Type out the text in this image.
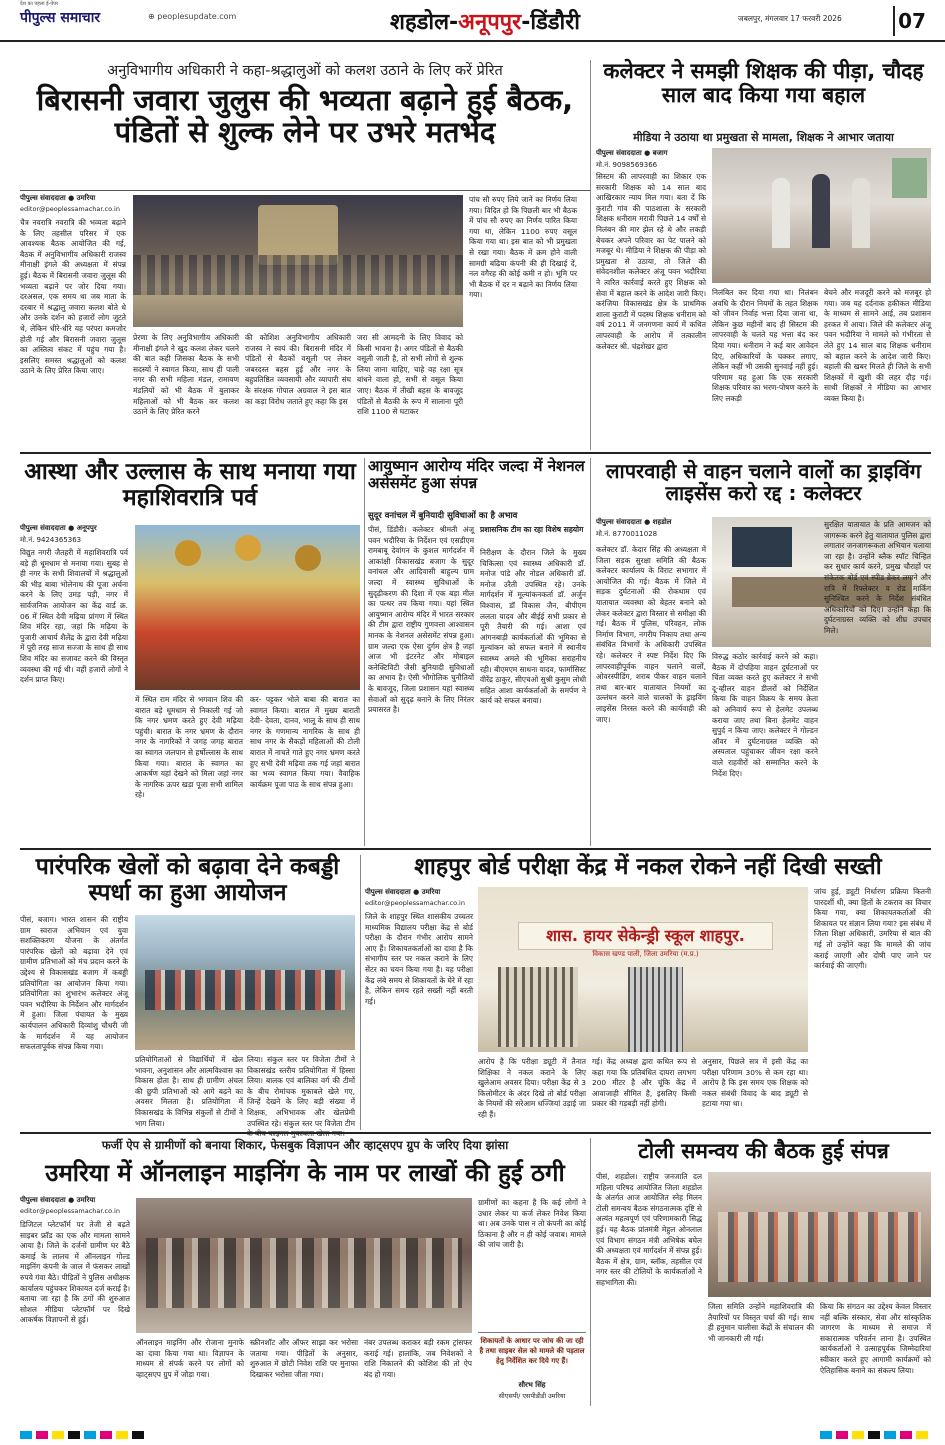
देश का पहला ई-पेपर
पीपुल्स समाचार	⊕ peoplesupdate.com	शहडोल-अनूपपुर-डिंडौरी	जबलपुर, मंगलवार 17 फरवरी 2026	07
अनुविभागीय अधिकारी ने कहा-श्रद्धालुओं को कलश उठाने के लिए करें प्रेरित
बिरासनी जवारा जुलुस की भव्यता बढ़ाने हुई बैठक, पंडितों से शुल्क लेने पर उभरे मतभेद
पीपुल्स संवाददाता ● उमरिया
editor@peoplessamachar.co.in
चैत्र नवरात्रि नवरात्रि की भव्यता बढ़ाने के लिए तहसील परिसर में एक आवश्यक बैठक आयोजित की गई, बैठक में अनुविभागीय अधिकारी राजस्व मीनाक्षी इंगले की अध्यक्षता में संपन्न हुई। बैठक में बिरासनी जवारा जुलूस की भव्यता बढ़ाने पर जोर दिया गया। दरअसल, एक समय था जब माता के दरबार में श्रद्धालु जवारा कलश बोते थे और उनके दर्शन को हजारों लोग जुटते थे, लेकिन धीरे-धीरे यह परंपरा कमजोर होती गई और बिरासनी जवारा जुलूस का अस्तित्व संकट में पहुंच गया है। इसलिए समस्त श्रद्धालुओं को कलश उठाने के लिए प्रेरित किया जाए।
प्रेरणा के लिए अनुविभागीय अधिकारी मीनाक्षी इंगले ने खुद कलश लेकर चलने की बात कही जिसका बैठक के सभी सदस्यों ने स्वागत किया, साथ ही पाली नगर की सभी महिला मंडल, रामायण मंडलियों को भी बैठक में बुलाकर महिलाओं को भी बैठक कर कलश उठाने के लिए प्रेरित करने
की कोशिश अनुविभागीय अधिकारी राजस्व ने स्वयं की। बिरासनी मंदिर में पंडितों से बैठकों वसूली पर लेकर जबरदस्त बहस हुई और नगर के बहुप्रतिष्ठित व्यवसायी और व्यापारी संघ के संरक्षक गोपाल अग्रवाल ने इस बात का कड़ा विरोध जताते हुए कहा कि इस
जरा सी आमदनी के लिए विवाद को किसी भावना है। अगर पंडितों से बैठकी वसूली जाती है, तो सभी लोगों से शुल्क लिया जाना चाहिए, चाहे वह रक्षा सूत्र बांधने वाला हो, सभी से वसूल किया जाए। बैठक में तीखी बहस के बावजूद पंडितों से बैठकी के रूप में सालाना पूरी राशि 1100 से घटाकर
पांच सौ रुपए लिये जाने का निर्णय लिया गया। विदित हो कि पिछली बार भी बैठक में पांच सौ रुपए का निर्णय पारित किया गया था, लेकिन 1100 रुपए वसूल किया गया था। इस बात को भी प्रमुखता से रखा गया। बैठक में क्रम होने वाली सामग्री बढ़िया कंपनी की ही दिखाई दें, नल वगैरह की कोई कमी न हो। भूमि पर भी बैठक में दर न बढ़ाने का निर्णय लिया गया।
कलेक्टर ने समझी शिक्षक की पीड़ा, चौदह साल बाद किया गया बहाल
मीडिया ने उठाया था प्रमुखता से मामला, शिक्षक ने आभार जताया
पीपुल्स संवाददाता ● बजाग
मो.नं. 9098569366
सिस्टम की लापरवाही का शिकार एक सरकारी शिक्षक को 14 साल बाद आखिरकार न्याय मिल गया। बता दें कि कुराटी गांव की पाठशाला के सरकारी शिक्षक धनीराम मरावी पिछले 14 वर्षों से निलंबन की मार झेल रहे थे और लकड़ी बेचकर अपने परिवार का पेट पालने को मजबूर थे। मीडिया ने शिक्षक की पीड़ा को प्रमुखता से उठाया, तो जिले की संवेदनशील कलेक्टर अंजू पवन भदौरिया ने त्वरित कार्रवाई करते हुए शिक्षक को सेवा में बहाल करने के आदेश जारी किए। करंजिया विकासखंड क्षेत्र के प्राथमिक शाला कुराटी में पदस्थ शिक्षक धनीराम को वर्ष 2011 में जनगणना कार्य में कथित लापरवाही के आरोप में तत्कालीन कलेक्टर श्री. चंद्रशेखर द्वारा
निलंबित कर दिया गया था। निलंबन अवधि के दौरान नियमों के तहत शिक्षक को जीवन निर्वाह भत्ता दिया जाना था, लेकिन कुछ महीनों बाद ही सिस्टम की लापरवाही के चलते यह भत्ता बंद कर दिया गया। धनीराम ने कई बार आवेदन दिए, अधिकारियों के चक्कर लगाए, लेकिन कहीं भी उसकी सुनवाई नहीं हुई। परिणाम यह हुआ कि एक सरकारी शिक्षक परिवार का भरण-पोषण करने के लिए लकड़ी
बेचने और मजदूरी करने को मजबूर हो गया। जब यह दर्दनाक हकीकत मीडिया के माध्यम से सामने आई, तब प्रशासन हरकत में आया। जिले की कलेक्टर अंजू पवन भदौरिया ने मामले को गंभीरता से लेते हुए 14 साल बाद शिक्षक धनीराम को बहाल करने के आदेश जारी किए। बहाली की खबर मिलते ही जिले के सभी शिक्षकों में खुशी की लहर दौड़ गई। साथी शिक्षकों ने मीडिया का आभार व्यक्त किया है।
आस्था और उल्लास के साथ मनाया गया महाशिवरात्रि पर्व
पीपुल्स संवाददाता ● अनूपपुर
मो.नं. 9424365363
विद्युत नगरी जैतहरी में महाशिवरात्रि पर्व बड़े ही धूमधाम से मनाया गया। सुबह से ही नगर के सभी शिवालयों में श्रद्धालुओं की भीड़ बाबा भोलेनाथ की पूजा अर्चना करने के लिए उमड़ पड़ी, नगर में सार्वजनिक आयोजन का केंद्र वार्ड क्र. 06 में स्थित देवी मढ़िया प्रांगण में स्थित शिव मंदिर रहा, जहां कि मढ़िया के पुजारी आचार्य शैलेंद्र के द्वारा देवी मढ़िया में पूरी तरह साज सज्जा के साथ ही साथ शिव मंदिर का सजावट करने की विस्तृत व्यवस्था की गई थी। वहीं हजारों लोगों ने दर्शन प्राप्त किए।
में स्थित राम मंदिर से भगवान शिव की बारात बड़े धूमधाम से निकाली गई जो कि नगर भ्रमण करते हुए देवी मढ़िया पहुंची। बारात के नगर भ्रमण के दौरान नगर के नागरिकों ने जगह जगह बारात का स्वागत जलपान से हर्षोल्लास के साथ किया गया। बारात के स्वागत का आकर्षण यहां देखने को मिला जहां नगर के नागरिक ऊपर खड़ा पूजा सभी शामिल रहे।
कर- पट्टकर भोले बाबा की बारात का स्वागत किया। बारात में मुख्य बाराती देवी- देवता, दानव, भालू के साथ ही साथ नगर के गणमान्य नागरिक के साथ ही साथ नगर के सैकड़ों महिलाओं की टोली बारात में नाचते गाते हुए नगर भ्रमण करते हुए सभी देवी मढ़िया तक गई जहां बारात का भव्य स्वागत किया गया। वैवाहिक कार्यक्रम पूजा पाठ के साथ संपन्न हुआ।
आयुष्मान आरोग्य मंदिर जल्दा में नेशनल असेसमेंट हुआ संपन्न
सुदूर वनांचल में बुनियादी सुविधाओं का है अभाव
पीसं, डिंडौरी। कलेक्टर श्रीमती अंजू पवन भदौरिया के निर्देशन एवं एसडीएम रामबाबू देवांगन के कुशल मार्गदर्शन में आकांक्षी विकासखंड बजाग के सुदूर वनांचल और आदिवासी बाहुल्य ग्राम जल्दा में स्वास्थ्य सुविधाओं के सुदृढ़ीकरण की दिशा में एक बड़ा मील का पत्थर तय किया गया। यहां स्थित आयुष्मान आरोग्य मंदिर में भारत सरकार की टीम द्वारा राष्ट्रीय गुणवत्ता आश्वासन मानक के नेशनल असेसमेंट संपन्न हुआ। ग्राम जल्दा एक ऐसा दुर्गम क्षेत्र है जहां आज भी इंटरनेट और मोबाइल कनेक्टिविटी जैसी बुनियादी सुविधाओं का अभाव है। ऐसी भौगोलिक चुनौतियों के बावजूद, जिला प्रशासन यहां स्वास्थ्य सेवाओं को सुदृढ़ बनाने के लिए निरंतर प्रयासरत है।
प्रशासनिक टीम का रहा विशेष सहयोग
निरीक्षण के दौरान जिले के मुख्य चिकित्सा एवं स्वास्थ्य अधिकारी डॉ. मनोज पांडे और नोडल अधिकारी डॉ. मनोज उरैती उपस्थित रहे। उनके मार्गदर्शन में मूल्यांकनकर्ता डॉ. अर्जुन विश्वास, डॉ विकास जैन, बीपीएम ललता यादव और बीईई सभी प्रकार से पूरी तैयारी की गई। आशा एवं आंगनबाड़ी कार्यकर्ताओं की भूमिका से मूल्यांकन को सफल बनाने में स्थानीय स्वास्थ्य अमले की भूमिका सराहनीय रही। बीएमएम साधना यादव, फार्मासिस्ट वीरेंद्र ठाकुर, सीएचओ सुश्री कुसुम लोधी सहित आशा कार्यकर्ताओं के समर्पण ने कार्य को सफल बनाया।
लापरवाही से वाहन चलाने वालों का ड्राइविंग लाइसेंस करो रद्द : कलेक्टर
पीपुल्स संवाददाता ● शहडोल
मो.नं. 8770011028
कलेक्टर डॉ. केदार सिंह की अध्यक्षता में जिला सड़क सुरक्षा समिति की बैठक कलेक्टर कार्यालय के विराट सभागार में आयोजित की गई। बैठक में जिले में सड़क दुर्घटनाओं की रोकथाम एवं यातायात व्यवस्था को बेहतर बनाने को लेकर कलेक्टर द्वारा विस्तार से समीक्षा की गई। बैठक में पुलिस, परिवहन, लोक निर्माण विभाग, नगरीय निकाय तथा अन्य संबंधित विभागों के अधिकारी उपस्थित रहे। कलेक्टर ने स्पष्ट निर्देश दिए कि लापरवाहीपूर्वक वाहन चलाने वालों, ओवरस्पीडिंग, शराब पीकर वाहन चलाने तथा बार-बार यातायात नियमों का उल्लंघन करने वाले चालकों के ड्राइविंग लाइसेंस निरस्त करने की कार्यवाही की जाए।
विरुद्ध कठोर कार्रवाई करने को कहा। बैठक में दोपहिया वाहन दुर्घटनाओं पर चिंता व्यक्त करते हुए कलेक्टर ने सभी दू-व्हीलर वाहन डीलरों को निर्देशित किया कि वाहन विक्रय के समय क्रेता को अनिवार्य रूप से हेलमेट उपलब्ध कराया जाए तथा बिना हेलमेट वाहन सुपुर्द न किया जाए। कलेक्टर ने गोल्डन ऑवर में दुर्घटनाग्रस्त व्यक्ति को अस्पताल पहुंचाकर जीवन रक्षा करने वाले राहवीरों को सम्मानित करने के निर्देश दिए।
सुरक्षित यातायात के प्रति आमजन को जागरूक करने हेतु यातायात पुलिस द्वारा लगातार जनजागरूकता अभियान चलाया जा रहा है। उन्होंने ब्लैक स्पॉट चिन्हित कर सुधार कार्य करने, प्रमुख चौराहों पर संकेतक बोर्ड एवं स्पीड ब्रेकर लगाने और रात्रि में रिफ्लेक्टर व रोड मार्किंग सुनिश्चित करने के निर्देश संबंधित अधिकारियों को दिए। उन्होंने कहा कि दुर्घटनाग्रस्त व्यक्ति को शीघ्र उपचार मिले।
पारंपरिक खेलों को बढ़ावा देने कबड्डी स्पर्धा का हुआ आयोजन
पीसं, बजाग। भारत शासन की राष्ट्रीय ग्राम स्वराज अभियान एवं युवा सशक्तिकरण योजना के अंतर्गत पारंपरिक खेलों को बढ़ावा देने एवं ग्रामीण प्रतिभाओं को मंच प्रदान करने के उद्देश्य से विकासखंड बजाग में कबड्डी प्रतियोगिता का आयोजन किया गया। प्रतियोगिता का शुभारंभ कलेक्टर अंजू पवन भदौरिया के निर्देशन और मार्गदर्शन में हुआ। जिला पंचायत के मुख्य कार्यपालन अधिकारी दिव्यांशु चौधरी जी के मार्गदर्शन में यह आयोजन सफलतापूर्वक संपन्न किया गया।
प्रतियोगिताओं से विद्यार्थियों में खेल भावना, अनुशासन और आत्मविश्वास का विकास होता है। साथ ही ग्रामीण अंचल की छुपी प्रतिभाओं को आगे बढ़ने का अवसर मिलता है। प्रतियोगिता में विकासखंड के विभिन्न संकुलों से टीमों ने भाग लिया।
लिया। संकुल स्तर पर विजेता टीमों ने विकासखंड स्तरीय प्रतियोगिता में हिस्सा लिया। बालक एवं बालिका वर्ग की टीमों के बीच रोमांचक मुकाबले खेले गए, जिन्हें देखने के लिए बड़ी संख्या में शिक्षक, अभिभावक और खेलप्रेमी उपस्थित रहे। संकुल स्तर पर विजेता टीम
शाहपुर बोर्ड परीक्षा केंद्र में नकल रोकने नहीं दिखी सख्ती
पीपुल्स संवाददाता ● उमरिया
editor@peoplessamachar.co.in
जिले के शाहपुर स्थित शासकीय उच्चतर माध्यमिक विद्यालय परीक्षा केंद्र से बोर्ड परीक्षा के दौरान गंभीर आरोप सामने आए हैं। शिकायतकर्ताओं का दावा है कि संभागीय स्तर पर नकल कराने के लिए सेंटर का चयन किया गया है। यह परीक्षा केंद्र लंबे समय से शिकायतों के घेरे में रहा है, लेकिन समय रहते सख्ती नहीं बरती गई।
शास. हायर सेकेन्ड्री स्कूल शाहपुर.
विकास खण्ड पाली, जिला उमरिया (म.प्र.)
आरोप है कि परीक्षा ड्यूटी में तैनात शिक्षिका ने नकल कराने के लिए खुलेआम अवसर दिया। परीक्षा केंद्र से 3 किलोमीटर के अंदर दिखे तो बोर्ड परीक्षा के नियमों की सरेआम धज्जियां उड़ाई जा रही हैं।
गई। केंद्र अध्यक्ष द्वारा कथित रूप से कहा गया कि प्रतिबंधित दायरा लगभग 200 मीटर है और चूंकि केंद्र में आवाजाही सीमित है, इसलिए किसी प्रकार की गड़बड़ी नहीं होगी।
अनुसार, पिछले सत्र में इसी केंद्र का परीक्षा परिणाम 30% से कम रहा था। आरोप है कि इस समय एक शिक्षक को नकल संबंधी विवाद के बाद ड्यूटी से हटाया गया था।
जांच हुई, ड्यूटी निर्धारण प्रक्रिया कितनी पारदर्शी थी, क्या हितों के टकराव का विचार किया गया, क्या शिकायतकर्ताओं की शिकायत पर संज्ञान लिया गया? इस संबंध में जिला शिक्षा अधिकारी, उमरिया से बात की गई तो उन्होंने कहा कि मामले की जांच कराई जाएगी और दोषी पाए जाने पर कार्रवाई की जाएगी।
फर्जी ऐप से ग्रामीणों को बनाया शिकार, फेसबुक विज्ञापन और व्हाट्सएप ग्रुप के जरिए दिया झांसा
उमरिया में ऑनलाइन माइनिंग के नाम पर लाखों की हुई ठगी
पीपुल्स संवाददाता ● उमरिया
editor@peoplessamachar.co.in
डिजिटल प्लेटफॉर्म पर तेजी से बढ़ते साइबर फ्रॉड का एक और मामला सामने आया है। जिले के दर्जनों ग्रामीण घर बैठे कमाई के लालच में ऑनलाइन गोल्ड माइनिंग कंपनी के जाल में फंसकर लाखों रुपये गंवा बैठे। पीड़ितों ने पुलिस अधीक्षक कार्यालय पहुंचकर शिकायत दर्ज कराई है। बताया जा रहा है कि ठगों की शुरुआत सोशल मीडिया प्लेटफॉर्म पर दिखे आकर्षक विज्ञापनों से हुई।
ऑनलाइन माइनिंग और रोजाना मुनाफे का दावा किया गया था। विज्ञापन के माध्यम से संपर्क करने पर लोगों को व्हाट्सएप ग्रुप में जोड़ा गया।
स्क्रीनशॉट और ऑफर साझा कर भरोसा जताया गया। पीड़ितों के अनुसार, शुरुआत में छोटी निवेश राशि पर मुनाफा दिखाकर भरोसा जीता गया।
नंबर उपलब्ध कराकर बड़ी रकम ट्रांसफर कराई गई। हालांकि, जब निवेशकों ने राशि निकालने की कोशिश की तो ऐप बंद हो गया।
ग्रामीणों का कहना है कि कई लोगों ने उधार लेकर या कर्ज लेकर निवेश किया था। अब उनके पास न तो कंपनी का कोई ठिकाना है और न ही कोई जवाब। मामले की जांच जारी है।
शिकायतों के आधार पर जांच की जा रही है तथा साइबर सेल को मामले की पड़ताल हेतु निर्देशित कर दिये गए हैं।
सौरभ सिंह
सीएसपी/ एसपीडीडी उमरिया
टोली समन्वय की बैठक हुई संपन्न
पीसं, शहडोल। राष्ट्रीय जनजाति दल महिला परिषद आयोजित जिला शहडोल के अंतर्गत आज आयोजित स्नेह मिलन टोली समन्वय बैठक संगठनात्मक दृष्टि से अत्यंत महत्वपूर्ण एवं परिणामकारी सिद्ध हुई। यह बैठक प्रांतमंत्री मेहुल ओनलाल एवं विभाग संगठन मंत्री अभिषेक बघेल की अध्यक्षता एवं मार्गदर्शन में संपन्न हुई। बैठक में क्षेत्र, ग्राम, ब्लॉक, तहसील एवं नगर स्तर की टोलियों के कार्यकर्ताओं ने सहभागिता की।
जिला समिति उन्होंने महाशिवरात्रि की तैयारियों पर विस्तृत चर्चा की गई। साथ ही हनुमान चालीसा केंद्रों के संचालन की भी जानकारी ली गई।
किया कि संगठन का उद्देश्य केवल विस्तार नहीं बल्कि संस्कार, सेवा और सांस्कृतिक जागरण के माध्यम से समाज में सकारात्मक परिवर्तन लाना है। उपस्थित कार्यकर्ताओं ने उत्साहपूर्वक जिम्मेदारियां स्वीकार करते हुए आगामी कार्यक्रमों को ऐतिहासिक बनाने का संकल्प लिया।
